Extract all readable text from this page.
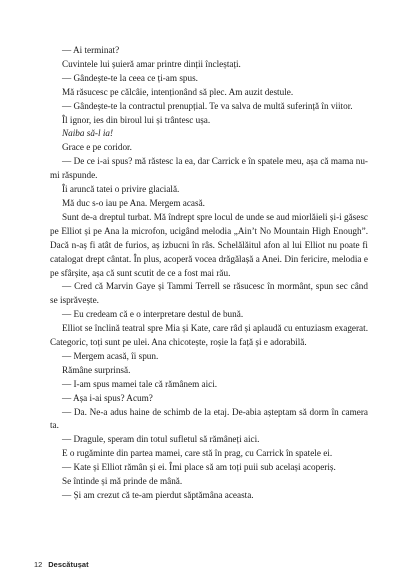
— Ai terminat?

Cuvintele lui șuieră amar printre dinții încleștați.

— Gândește-te la ceea ce ți-am spus.

Mă răsucesc pe călcâie, intenționând să plec. Am auzit destule.

— Gândește-te la contractul prenupțial. Te va salva de multă suferință în viitor.

Îl ignor, ies din biroul lui și trântesc ușa.

Naiba să-l ia!

Grace e pe coridor.

— De ce i-ai spus? mă răstesc la ea, dar Carrick e în spatele meu, așa că mama nu-mi răspunde.

Îi aruncă tatei o privire glacială.

Mă duc s-o iau pe Ana. Mergem acasă.

Sunt de-a dreptul turbat. Mă îndrept spre locul de unde se aud miorlăieli și-i găsesc pe Elliot și pe Ana la microfon, ucigând melodia „Ain’t No Mountain High Enough”. Dacă n-aș fi atât de furios, aș izbucni în râs. Schelălăitul afon al lui Elliot nu poate fi catalogat drept cântat. În plus, acoperă vocea drăgălașă a Anei. Din fericire, melodia e pe sfârșite, așa că sunt scutit de ce a fost mai rău.

— Cred că Marvin Gaye și Tammi Terrell se răsucesc în mormânt, spun sec când se isprăvește.

— Eu credeam că e o interpretare destul de bună.

Elliot se înclină teatral spre Mia și Kate, care râd și aplaudă cu entuziasm exagerat. Categoric, toți sunt pe ulei. Ana chicotește, roșie la față și e adorabilă.

— Mergem acasă, îi spun.

Rămâne surprinsă.

— I-am spus mamei tale că rămânem aici.

— Așa i-ai spus? Acum?

— Da. Ne-a adus haine de schimb de la etaj. De-abia așteptam să dorm în camera ta.

— Dragule, speram din totul sufletul să rămâneți aici.

E o rugăminte din partea mamei, care stă în prag, cu Carrick în spatele ei.

— Kate și Elliot rămân și ei. Îmi place să am toți puii sub același acoperiș.

Se întinde și mă prinde de mână.

— Și am crezut că te-am pierdut săptămâna aceasta.

12 Descătușat
